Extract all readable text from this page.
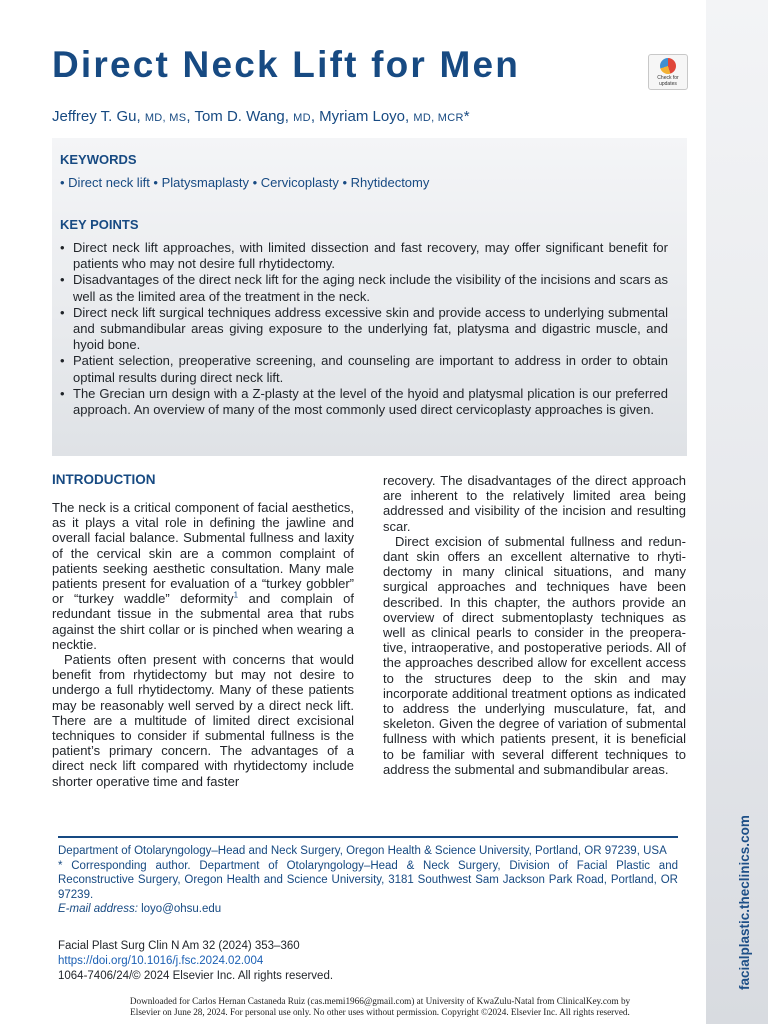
facialplastic.theclinics.com
Direct Neck Lift for Men	Check for
updates
Jeffrey T. Gu, MD, MS, Tom D. Wang, MD, Myriam Loyo, MD, MCR*
KEYWORDS
• Direct neck lift • Platysmaplasty • Cervicoplasty • Rhytidectomy
KEY POINTS
• Direct neck lift approaches, with limited dissection and fast recovery, may offer significant benefit for patients who may not desire full rhytidectomy.
• Disadvantages of the direct neck lift for the aging neck include the visibility of the incisions and scars as well as the limited area of the treatment in the neck.
• Direct neck lift surgical techniques address excessive skin and provide access to underlying submental and submandibular areas giving exposure to the underlying fat, platysma and digastric muscle, and hyoid bone.
• Patient selection, preoperative screening, and counseling are important to address in order to obtain optimal results during direct neck lift.
• The Grecian urn design with a Z-plasty at the level of the hyoid and platysmal plication is our preferred approach. An overview of many of the most commonly used direct cervicoplasty approaches is given.
INTRODUCTION

The neck is a critical component of facial aesthetics, as it plays a vital role in defining the jawline and overall facial balance. Submental fullness and laxity of the cervical skin are a common complaint of patients seeking aesthetic consultation. Many male patients present for evaluation of a “turkey gobbler” or “turkey waddle” deformity$^1$ and complain of redundant tissue in the submental area that rubs against the shirt collar or is pinched when wearing a necktie.

Patients often present with concerns that would benefit from rhytidectomy but may not desire to undergo a full rhytidectomy. Many of these patients may be reasonably well served by a direct neck lift. There are a multitude of limited direct excisional techniques to consider if submental fullness is the patient’s primary concern. The advantages of a direct neck lift compared with rhytidectomy include shorter operative time and faster

recovery. The disadvantages of the direct approach are inherent to the relatively limited area being addressed and visibility of the incision and resulting scar.

Direct excision of submental fullness and redundant skin offers an excellent alternative to rhytidectomy in many clinical situations, and many surgical approaches and techniques have been described. In this chapter, the authors provide an overview of direct submentoplasty techniques as well as clinical pearls to consider in the preoperative, intraoperative, and postoperative periods. All of the approaches described allow for excellent access to the structures deep to the skin and may incorporate additional treatment options as indicated to address the underlying musculature, fat, and skeleton. Given the degree of variation of submental fullness with which patients present, it is beneficial to be familiar with several different techniques to address the submental and submandibular areas.

Department of Otolaryngology–Head and Neck Surgery, Oregon Health & Science University, Portland, OR 97239, USA

* Corresponding author. Department of Otolaryngology–Head & Neck Surgery, Division of Facial Plastic and Reconstructive Surgery, Oregon Health and Science University, 3181 Southwest Sam Jackson Park Road, Portland, OR 97239.

E-mail address: loyo@ohsu.edu

Facial Plast Surg Clin N Am 32 (2024) 353–360
https://doi.org/10.1016/j.fsc.2024.02.004
1064-7406/24/© 2024 Elsevier Inc. All rights reserved.
Downloaded for Carlos Hernan Castaneda Ruiz (cas.memi1966@gmail.com) at University of KwaZulu-Natal from ClinicalKey.com by
Elsevier on June 28, 2024. For personal use only. No other uses without permission. Copyright ©2024. Elsevier Inc. All rights reserved.
